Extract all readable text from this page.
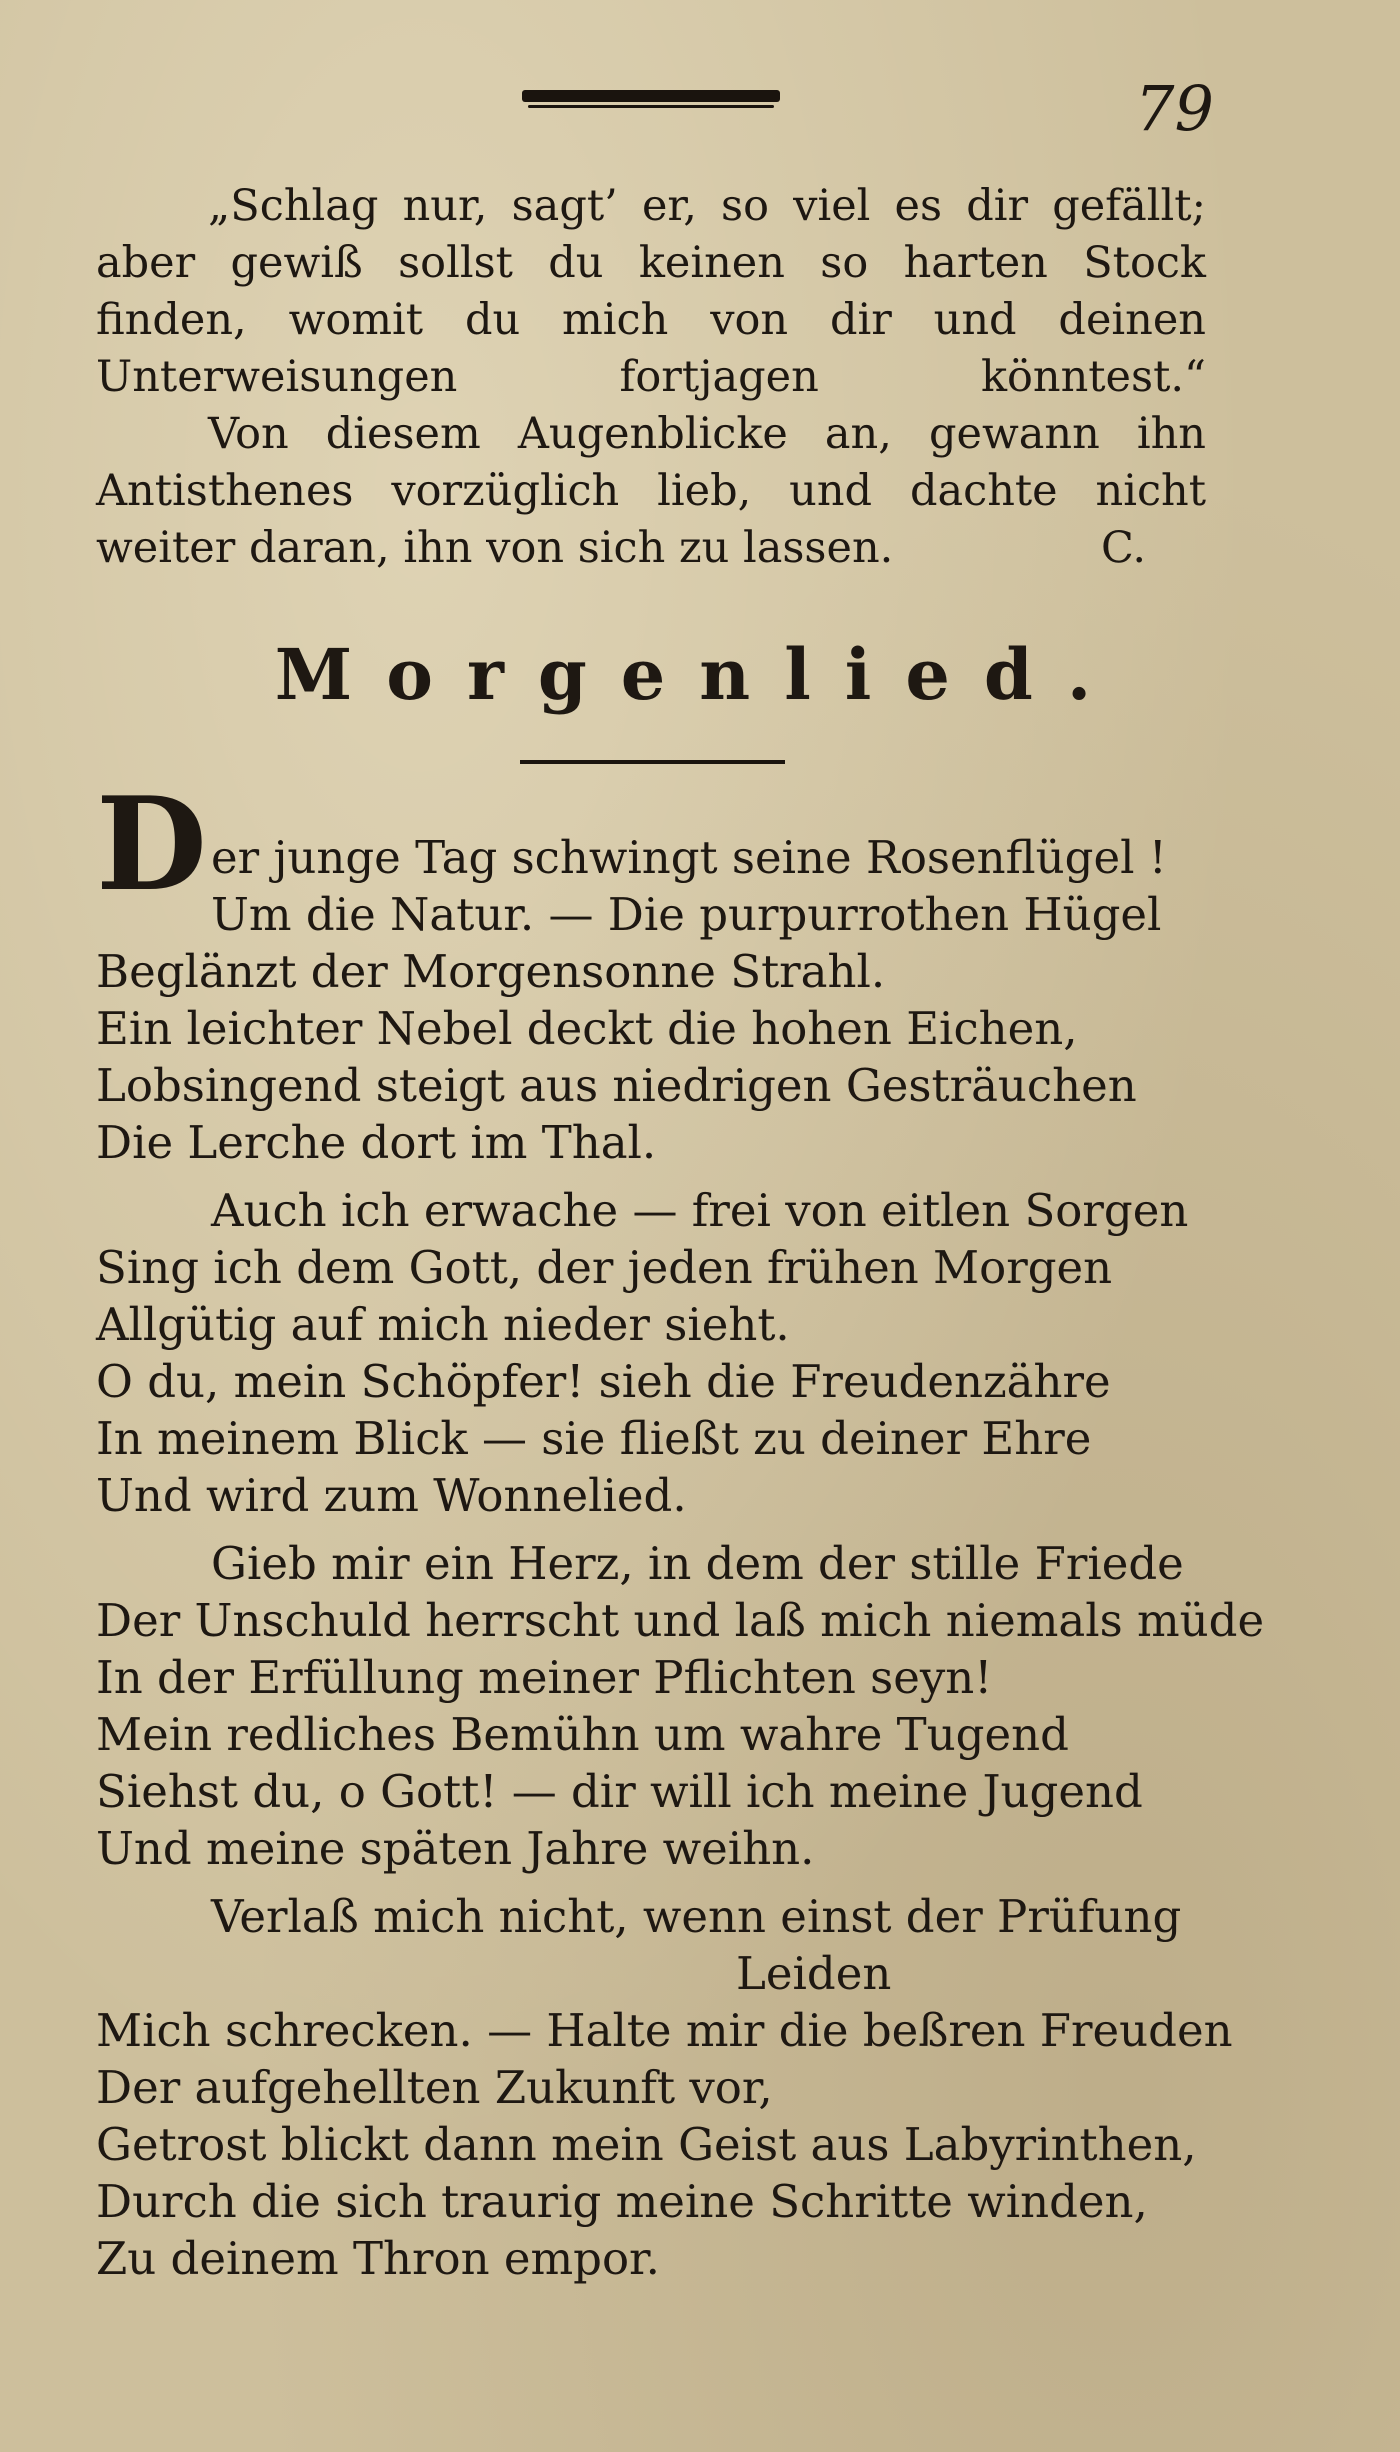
79

„Schlag nur, sagt’ er, so viel es dir gefällt; aber gewiß sollst du keinen so harten Stock finden, womit du mich von dir und deinen Unterweisungen fortjagen könntest.“

Von diesem Augenblicke an, gewann ihn Antisthenes vorzüglich lieb, und dachte nicht weiter daran, ihn von sich zu lassen.	C.

Morgenlied.
D er junge Tag schwingt seine Rosenflügel !
Um die Natur. — Die purpurrothen Hügel
Beglänzt der Morgensonne Strahl.
Ein leichter Nebel deckt die hohen Eichen,
Lobsingend steigt aus niedrigen Gesträuchen
Die Lerche dort im Thal.
Auch ich erwache — frei von eitlen Sorgen
Sing ich dem Gott, der jeden frühen Morgen
Allgütig auf mich nieder sieht.
O du, mein Schöpfer! sieh die Freudenzähre
In meinem Blick — sie fließt zu deiner Ehre
Und wird zum Wonnelied.
Gieb mir ein Herz, in dem der stille Friede
Der Unschuld herrscht und laß mich niemals müde
In der Erfüllung meiner Pflichten seyn!
Mein redliches Bemühn um wahre Tugend
Siehst du, o Gott! — dir will ich meine Jugend
Und meine späten Jahre weihn.
Verlaß mich nicht, wenn einst der Prüfung
Leiden
Mich schrecken. — Halte mir die beßren Freuden
Der aufgehellten Zukunft vor,
Getrost blickt dann mein Geist aus Labyrinthen,
Durch die sich traurig meine Schritte winden,
Zu deinem Thron empor.
